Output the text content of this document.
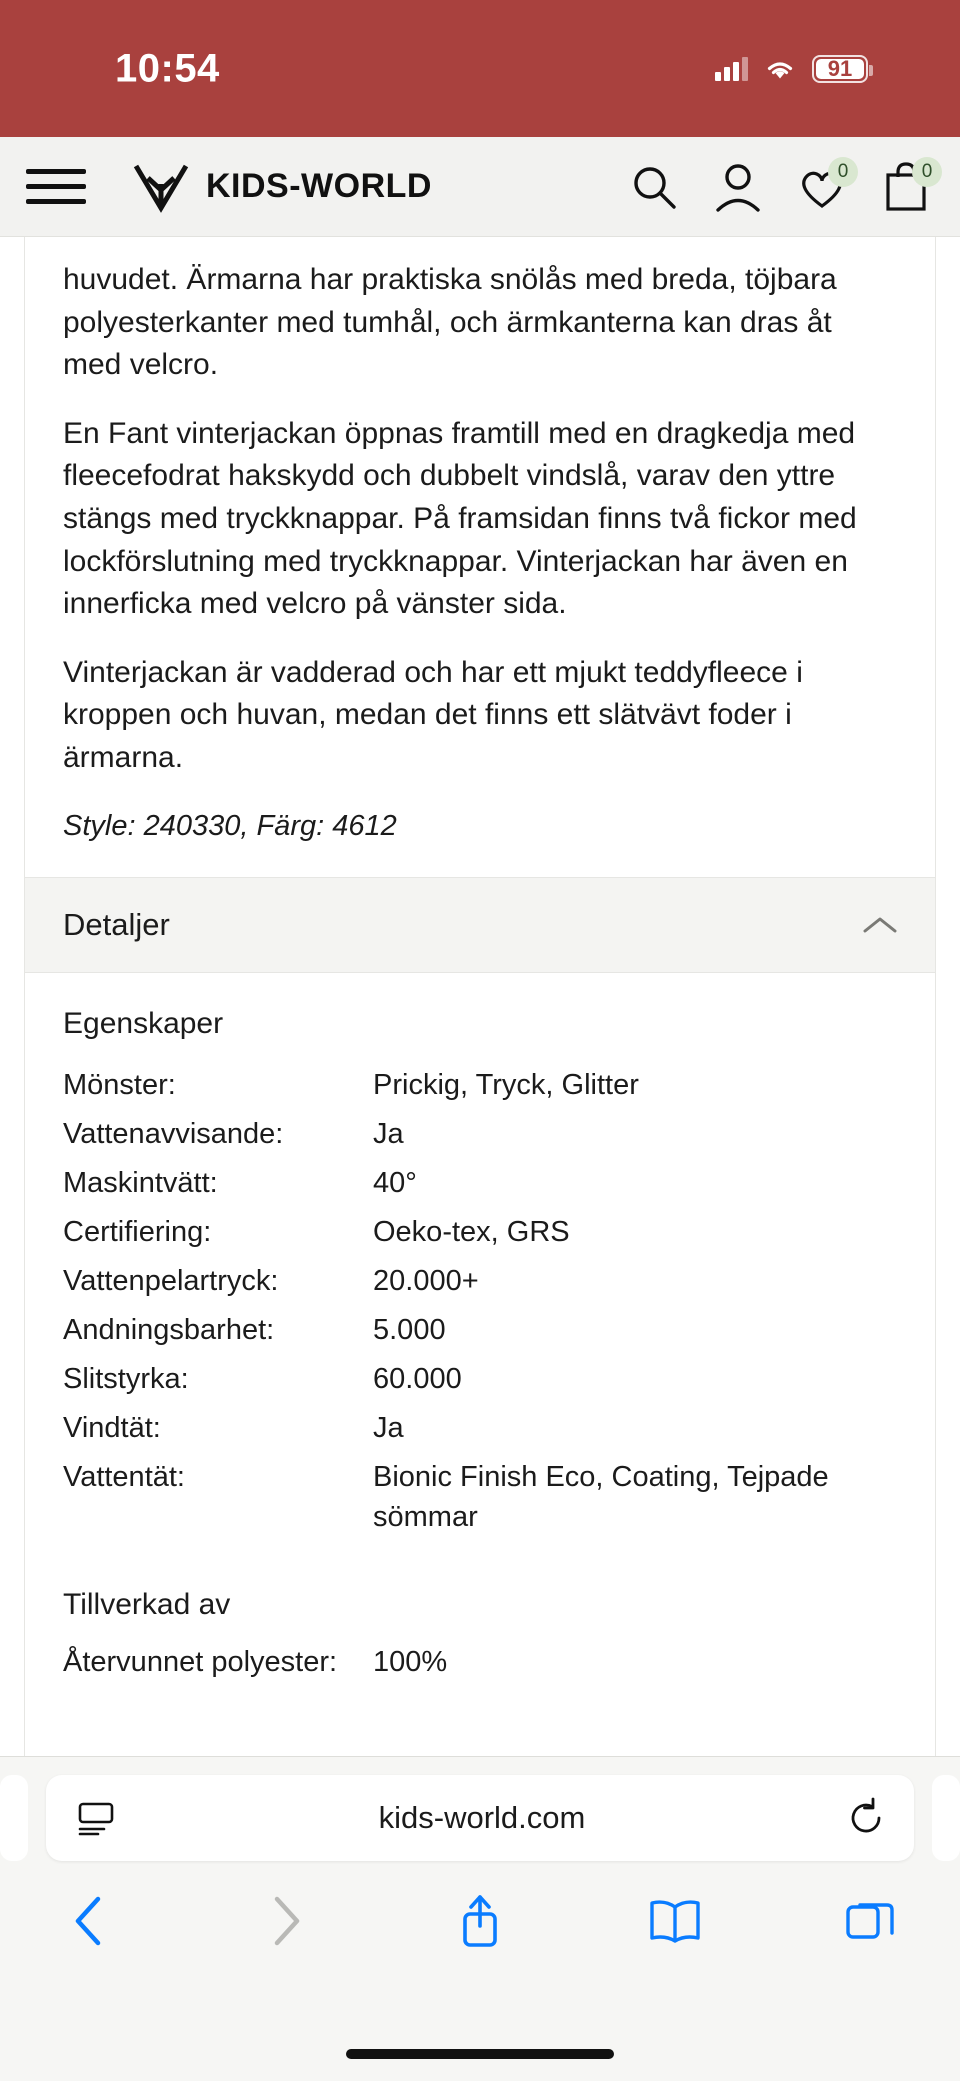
10:54	91
KIDS-WORLD	0	0

huvudet. Ärmarna har praktiska snölås med breda, töjbara polyesterkanter med tumhål, och ärmkanterna kan dras åt med velcro.

En Fant vinterjackan öppnas framtill med en dragkedja med fleecefodrat hakskydd och dubbelt vindslå, varav den yttre stängs med tryckknappar. På framsidan finns två fickor med lockförslutning med tryckknappar. Vinterjackan har även en innerficka med velcro på vänster sida.

Vinterjackan är vadderad och har ett mjukt teddyfleece i kroppen och huvan, medan det finns ett slätvävt foder i ärmarna.

Style: 240330, Färg: 4612

Detaljer
Egenskaper
Mönster:	Prickig, Tryck, Glitter
Vattenavvisande:	Ja
Maskintvätt:	40°
Certifiering:	Oeko-tex, GRS
Vattenpelartryck:	20.000+
Andningsbarhet:	5.000
Slitstyrka:	60.000
Vindtät:	Ja
Vattentät:	Bionic Finish Eco, Coating, Tejpade sömmar
Tillverkad av
Återvunnet polyester:	100%
kids-world.com
